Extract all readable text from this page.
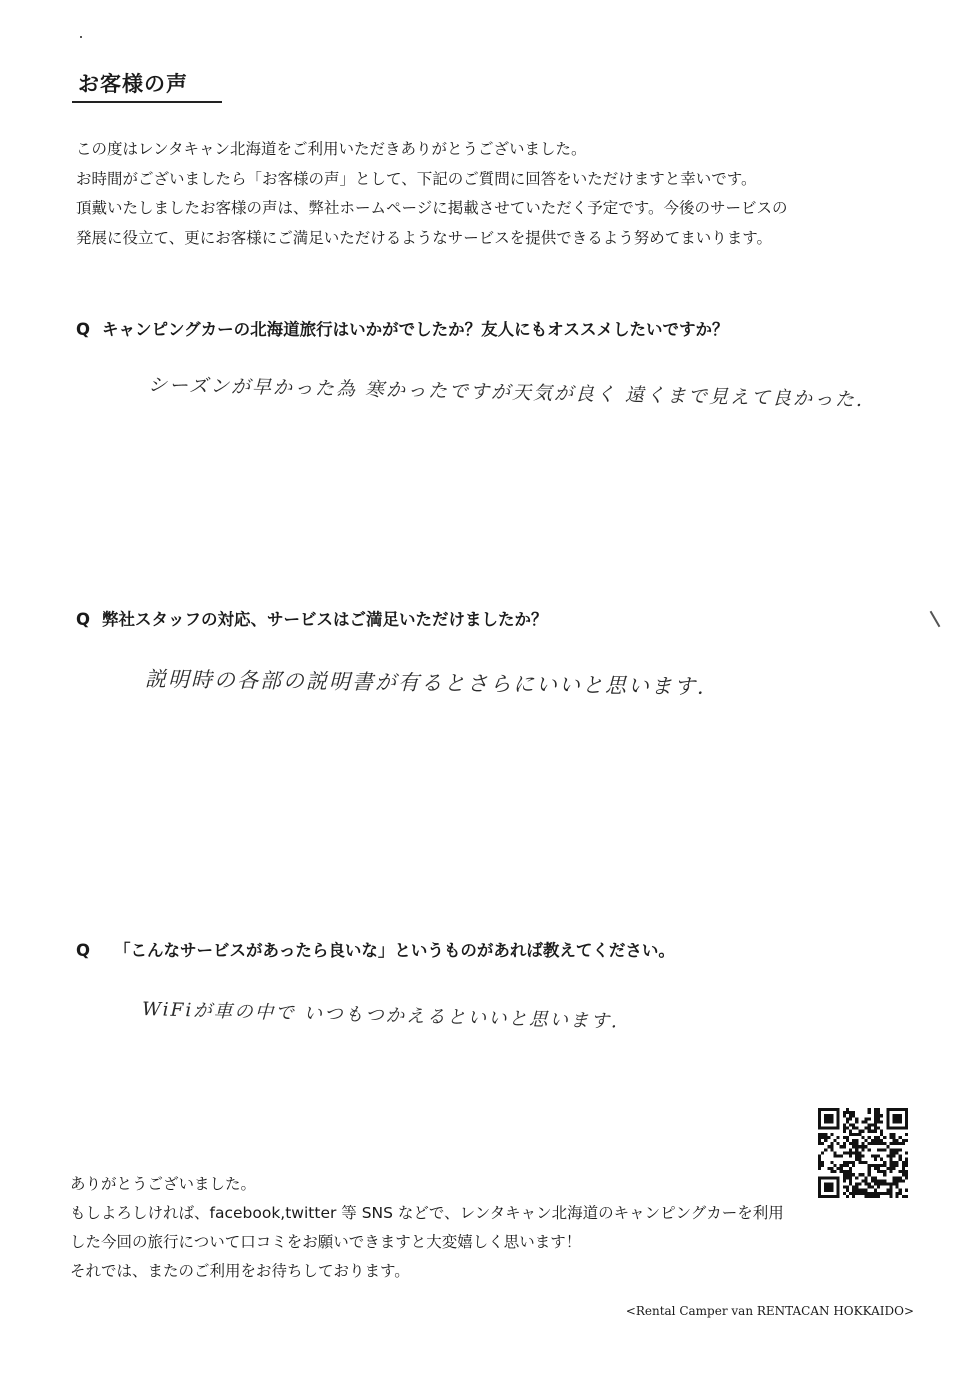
お客様の声

この度はレンタキャン北海道をご利用いただきありがとうございました。

お時間がございましたら「お客様の声」として、下記のご質問に回答をいただけますと幸いです。

頂戴いたしましたお客様の声は、弊社ホームページに掲載させていただく予定です。今後のサービスの

発展に役立て、更にお客様にご満足いただけるようなサービスを提供できるよう努めてまいります。

Q キャンピングカーの北海道旅行はいかがでしたか？友人にもオススメしたいですか？

シーズンが早かった為 寒かったですが天気が良く 遠くまで見えて良かった.

Q 弊社スタッフの対応、サービスはご満足いただけましたか？

説明時の各部の説明書が有るとさらにいいと思います.

Q 「こんなサービスがあったら良いな」というものがあれば教えてください。

WiFiが車の中で いつもつかえるといいと思います.

ありがとうございました。

もしよろしければ、facebook,twitter 等 SNS などで、レンタキャン北海道のキャンピングカーを利用

した今回の旅行について口コミをお願いできますと大変嬉しく思います！

それでは、またのご利用をお待ちしております。

<Rental Camper van RENTACAN HOKKAIDO>
